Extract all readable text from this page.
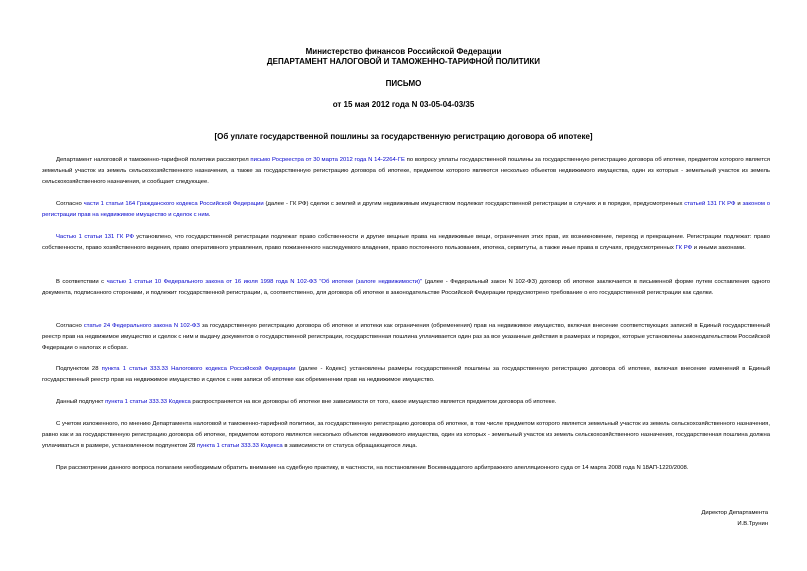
Министерство финансов Российской Федерации
ДЕПАРТАМЕНТ НАЛОГОВОЙ И ТАМОЖЕННО-ТАРИФНОЙ ПОЛИТИКИ
ПИСЬМО
от 15 мая 2012 года N 03-05-04-03/35
[Об уплате государственной пошлины за государственную регистрацию договора об ипотеке]

Департамент налоговой и таможенно-тарифной политики рассмотрел письмо Росреестра от 30 марта 2012 года N 14-2264-ГЕ по вопросу уплаты государственной пошлины за государственную регистрацию договора об ипотеке, предметом которого является земельный участок из земель сельскохозяйственного назначения, а также за государственную регистрацию договора об ипотеке, предметом которого являются несколько объектов недвижимого имущества, один из которых - земельный участок из земель сельскохозяйственного назначения, и сообщает следующее.

Согласно части 1 статьи 164 Гражданского кодекса Российской Федерации (далее - ГК РФ) сделки с землей и другим недвижимым имуществом подлежат государственной регистрации в случаях и в порядке, предусмотренных статьей 131 ГК РФ и законом о регистрации прав на недвижимое имущество и сделок с ним.

Частью 1 статьи 131 ГК РФ установлено, что государственной регистрации подлежат право собственности и другие вещные права на недвижимые вещи, ограничения этих прав, их возникновение, переход и прекращение. Регистрации подлежат: право собственности, право хозяйственного ведения, право оперативного управления, право пожизненного наследуемого владения, право постоянного пользования, ипотека, сервитуты, а также иные права в случаях, предусмотренных ГК РФ и иными законами.

В соответствии с частью 1 статьи 10 Федерального закона от 16 июля 1998 года N 102-ФЗ "Об ипотеке (залоге недвижимости)" (далее - Федеральный закон N 102-ФЗ) договор об ипотеке заключается в письменной форме путем составления одного документа, подписанного сторонами, и подлежит государственной регистрации, а, соответственно, для договора об ипотеке в законодательстве Российской Федерации предусмотрено требование о его государственной регистрации как сделки.

Согласно статье 24 Федерального закона N 102-ФЗ за государственную регистрацию договора об ипотеке и ипотеки как ограничения (обременения) прав на недвижимое имущество, включая внесение соответствующих записей в Единый государственный реестр прав на недвижимое имущество и сделок с ним и выдачу документов о государственной регистрации, государственная пошлина уплачивается один раз за все указанные действия в размерах и порядке, которые установлены законодательством Российской Федерации о налогах и сборах.

Подпунктом 28 пункта 1 статьи 333.33 Налогового кодекса Российской Федерации (далее - Кодекс) установлены размеры государственной пошлины за государственную регистрацию договора об ипотеке, включая внесение изменений в Единый государственный реестр прав на недвижимое имущество и сделок с ним записи об ипотеке как обременении прав на недвижимое имущество.

Данный подпункт пункта 1 статьи 333.33 Кодекса распространяется на все договоры об ипотеке вне зависимости от того, какое имущество является предметом договора об ипотеке.

С учетом изложенного, по мнению Департамента налоговой и таможенно-тарифной политики, за государственную регистрацию договора об ипотеке, в том числе предметом которого является земельный участок из земель сельскохозяйственного назначения, равно как и за государственную регистрацию договора об ипотеке, предметом которого являются несколько объектов недвижимого имущества, один из которых - земельный участок из земель сельскохозяйственного назначения, государственная пошлина должна уплачиваться в размере, установленном подпунктом 28 пункта 1 статьи 333.33 Кодекса в зависимости от статуса обращающегося лица.

При рассмотрении данного вопроса полагаем необходимым обратить внимание на судебную практику, в частности, на постановление Восемнадцатого арбитражного апелляционного суда от 14 марта 2008 года N 18АП-1220/2008.

Директор Департамента
И.В.Трунин
